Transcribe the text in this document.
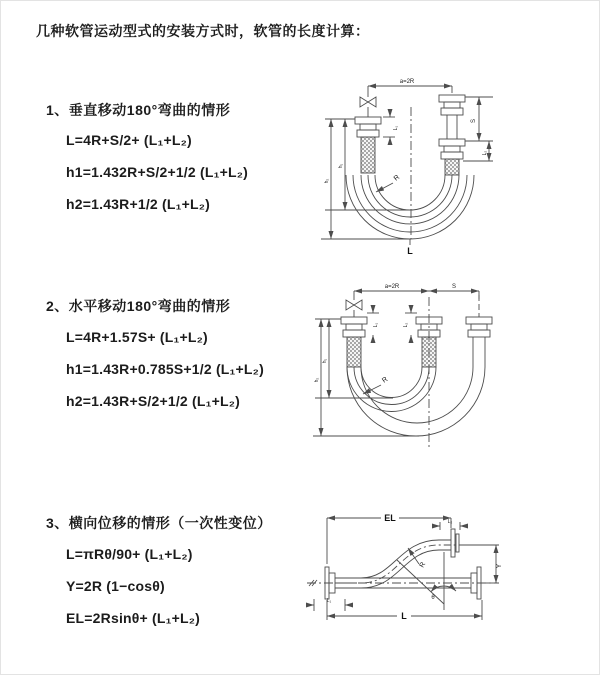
几种软管运动型式的安装方式时，软管的长度计算：
1、垂直移动180°弯曲的情形
L=4R+S/2+ (L₁+L₂)
h1=1.432R+S/2+1/2 (L₁+L₂)
h2=1.43R+1/2 (L₁+L₂)
2、水平移动180°弯曲的情形
L=4R+1.57S+ (L₁+L₂)
h1=1.43R+0.785S+1/2 (L₁+L₂)
h2=1.43R+S/2+1/2 (L₁+L₂)
3、横向位移的情形（一次性变位）
L=πRθ/90+ (L₁+L₂)
Y=2R (1−cosθ)
EL=2Rsinθ+ (L₁+L₂)
a=2R
S
L₂
L₁
h₁
h₂	R
L
a=2R	S
L₁	L₂
h₁
h₂	R
EL	L₂
Y
R
θ
L
L₁
